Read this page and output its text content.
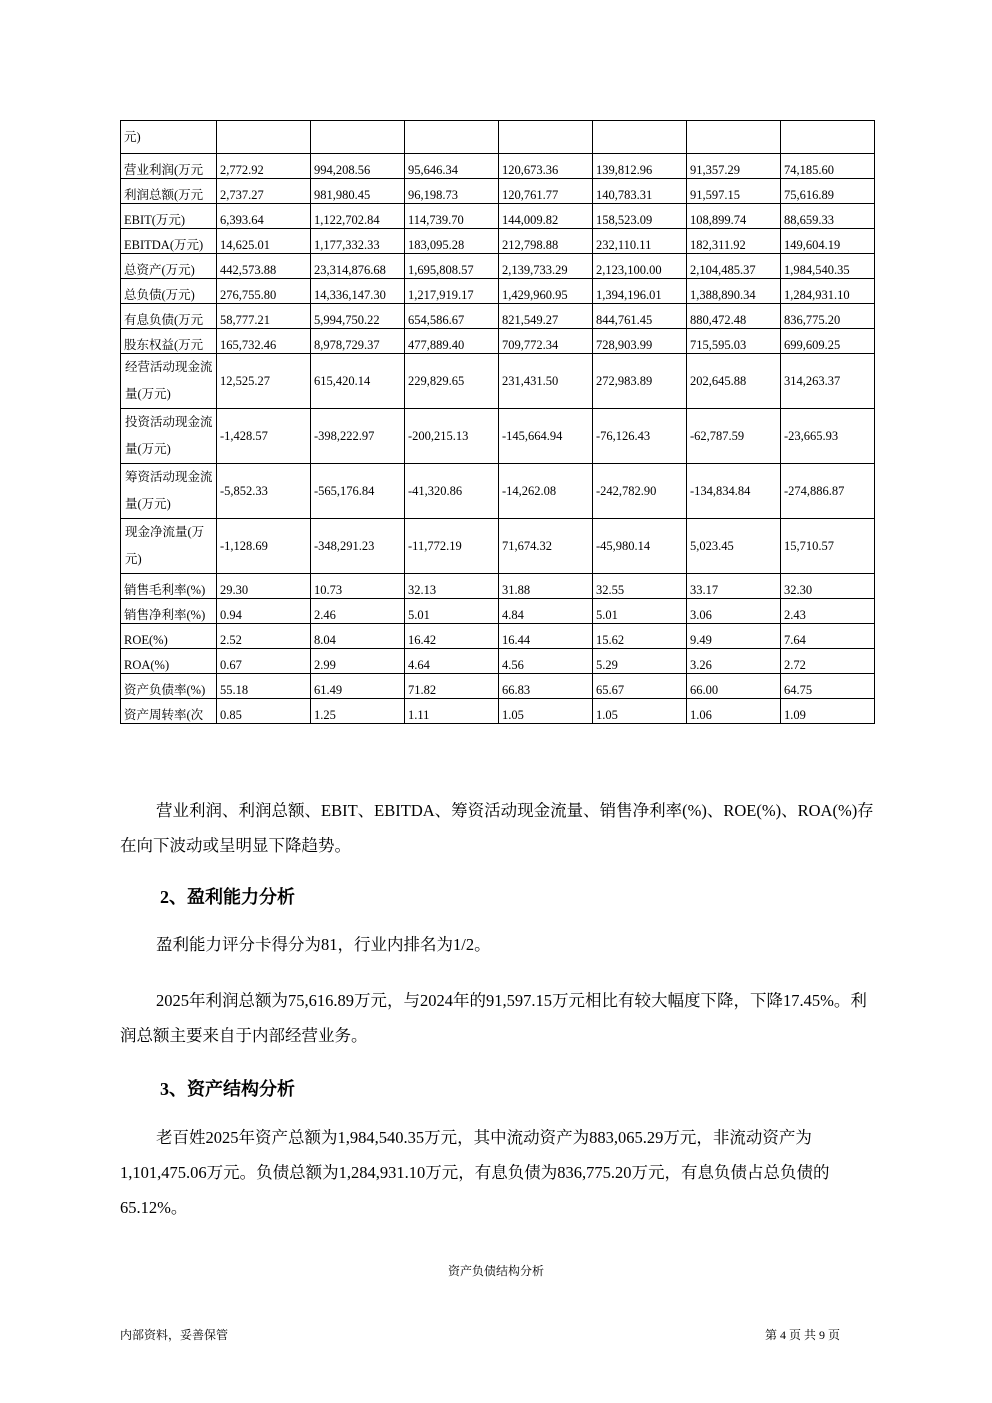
元)							
营业利润(万元	2,772.92	994,208.56	95,646.34	120,673.36	139,812.96	91,357.29	74,185.60
利润总额(万元	2,737.27	981,980.45	96,198.73	120,761.77	140,783.31	91,597.15	75,616.89
EBIT(万元)	6,393.64	1,122,702.84	114,739.70	144,009.82	158,523.09	108,899.74	88,659.33
EBITDA(万元)	14,625.01	1,177,332.33	183,095.28	212,798.88	232,110.11	182,311.92	149,604.19
总资产(万元)	442,573.88	23,314,876.68	1,695,808.57	2,139,733.29	2,123,100.00	2,104,485.37	1,984,540.35
总负债(万元)	276,755.80	14,336,147.30	1,217,919.17	1,429,960.95	1,394,196.01	1,388,890.34	1,284,931.10
有息负债(万元	58,777.21	5,994,750.22	654,586.67	821,549.27	844,761.45	880,472.48	836,775.20
股东权益(万元	165,732.46	8,978,729.37	477,889.40	709,772.34	728,903.99	715,595.03	699,609.25
经营活动现金流量(万元)	12,525.27	615,420.14	229,829.65	231,431.50	272,983.89	202,645.88	314,263.37
投资活动现金流量(万元)	-1,428.57	-398,222.97	-200,215.13	-145,664.94	-76,126.43	-62,787.59	-23,665.93
筹资活动现金流量(万元)	-5,852.33	-565,176.84	-41,320.86	-14,262.08	-242,782.90	-134,834.84	-274,886.87
现金净流量(万元)	-1,128.69	-348,291.23	-11,772.19	71,674.32	-45,980.14	5,023.45	15,710.57
销售毛利率(%)	29.30	10.73	32.13	31.88	32.55	33.17	32.30
销售净利率(%)	0.94	2.46	5.01	4.84	5.01	3.06	2.43
ROE(%)	2.52	8.04	16.42	16.44	15.62	9.49	7.64
ROA(%)	0.67	2.99	4.64	4.56	5.29	3.26	2.72
资产负债率(%)	55.18	61.49	71.82	66.83	65.67	66.00	64.75
资产周转率(次	0.85	1.25	1.11	1.05	1.05	1.06	1.09

营业利润、利润总额、EBIT、EBITDA、筹资活动现金流量、销售净利率(%)、ROE(%)、ROA(%)存在向下波动或呈明显下降趋势。

2、盈利能力分析

盈利能力评分卡得分为81，行业内排名为1/2。

2025年利润总额为75,616.89万元，与2024年的91,597.15万元相比有较大幅度下降，下降17.45%。利润总额主要来自于内部经营业务。

3、资产结构分析

老百姓2025年资产总额为1,984,540.35万元，其中流动资产为883,065.29万元，非流动资产为1,101,475.06万元。负债总额为1,284,931.10万元，有息负债为836,775.20万元，有息负债占总负债的65.12%。

资产负债结构分析
内部资料，妥善保管	第 4 页 共 9 页
